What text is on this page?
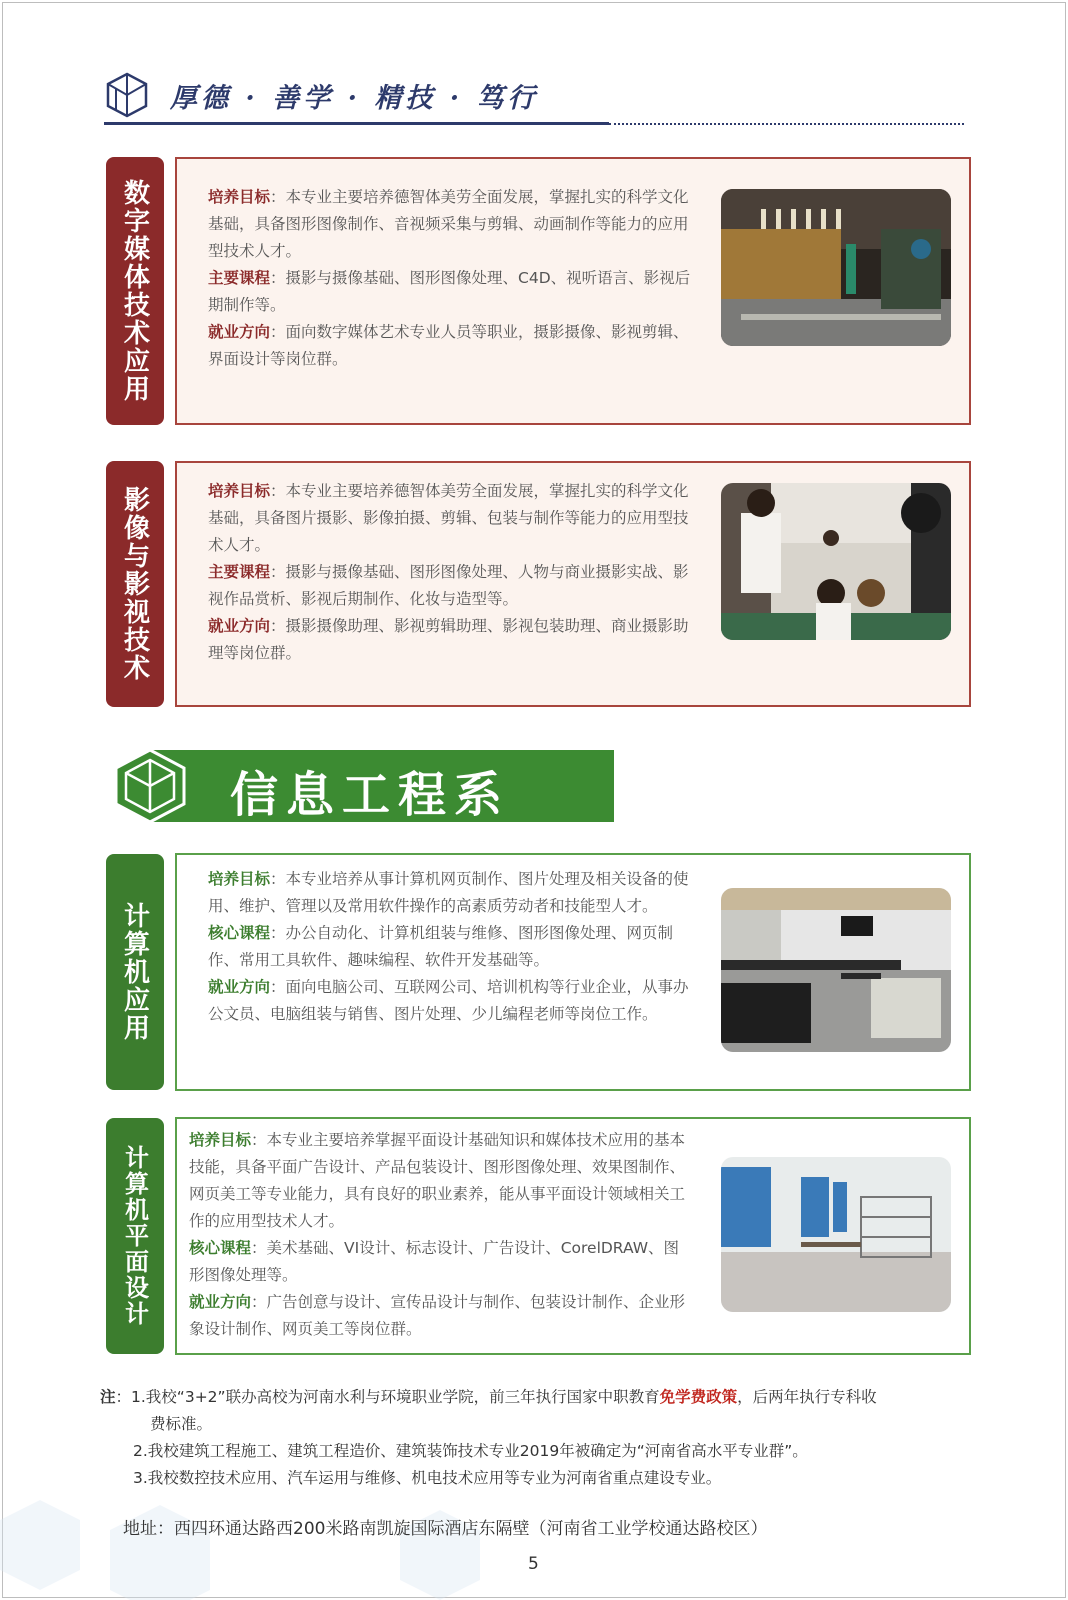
厚德 · 善学 · 精技 · 笃行
数字媒体技术应用	培养目标：本专业主要培养德智体美劳全面发展，掌握扎实的科学文化基础，具备图形图像制作、音视频采集与剪辑、动画制作等能力的应用型技术人才。

主要课程：摄影与摄像基础、图形图像处理、C4D、视听语言、影视后期制作等。

就业方向：面向数字媒体艺术专业人员等职业，摄影摄像、影视剪辑、界面设计等岗位群。

影像与影视技术	培养目标：本专业主要培养德智体美劳全面发展，掌握扎实的科学文化基础，具备图片摄影、影像拍摄、剪辑、包装与制作等能力的应用型技术人才。

主要课程：摄影与摄像基础、图形图像处理、人物与商业摄影实战、影视作品赏析、影视后期制作、化妆与造型等。

就业方向：摄影摄像助理、影视剪辑助理、影视包装助理、商业摄影助理等岗位群。

信息工程系
计算机应用

培养目标：本专业培养从事计算机网页制作、图片处理及相关设备的使用、维护、管理以及常用软件操作的高素质劳动者和技能型人才。

核心课程：办公自动化、计算机组装与维修、图形图像处理、网页制作、常用工具软件、趣味编程、软件开发基础等。

就业方向：面向电脑公司、互联网公司、培训机构等行业企业，从事办公文员、电脑组装与销售、图片处理、少儿编程老师等岗位工作。

计算机平面设计

培养目标：本专业主要培养掌握平面设计基础知识和媒体技术应用的基本技能，具备平面广告设计、产品包装设计、图形图像处理、效果图制作、网页美工等专业能力，具有良好的职业素养，能从事平面设计领域相关工作的应用型技术人才。

核心课程：美术基础、VI设计、标志设计、广告设计、CorelDRAW、图形图像处理等。

就业方向：广告创意与设计、宣传品设计与制作、包装设计制作、企业形象设计制作、网页美工等岗位群。

注：1.我校“3+2”联办高校为河南水利与环境职业学院，前三年执行国家中职教育免学费政策，后两年执行专科收
费标准。
2.我校建筑工程施工、建筑工程造价、建筑装饰技术专业2019年被确定为“河南省高水平专业群”。
3.我校数控技术应用、汽车运用与维修、机电技术应用等专业为河南省重点建设专业。
地址：西四环通达路西200米路南凯旋国际酒店东隔壁（河南省工业学校通达路校区）
5
